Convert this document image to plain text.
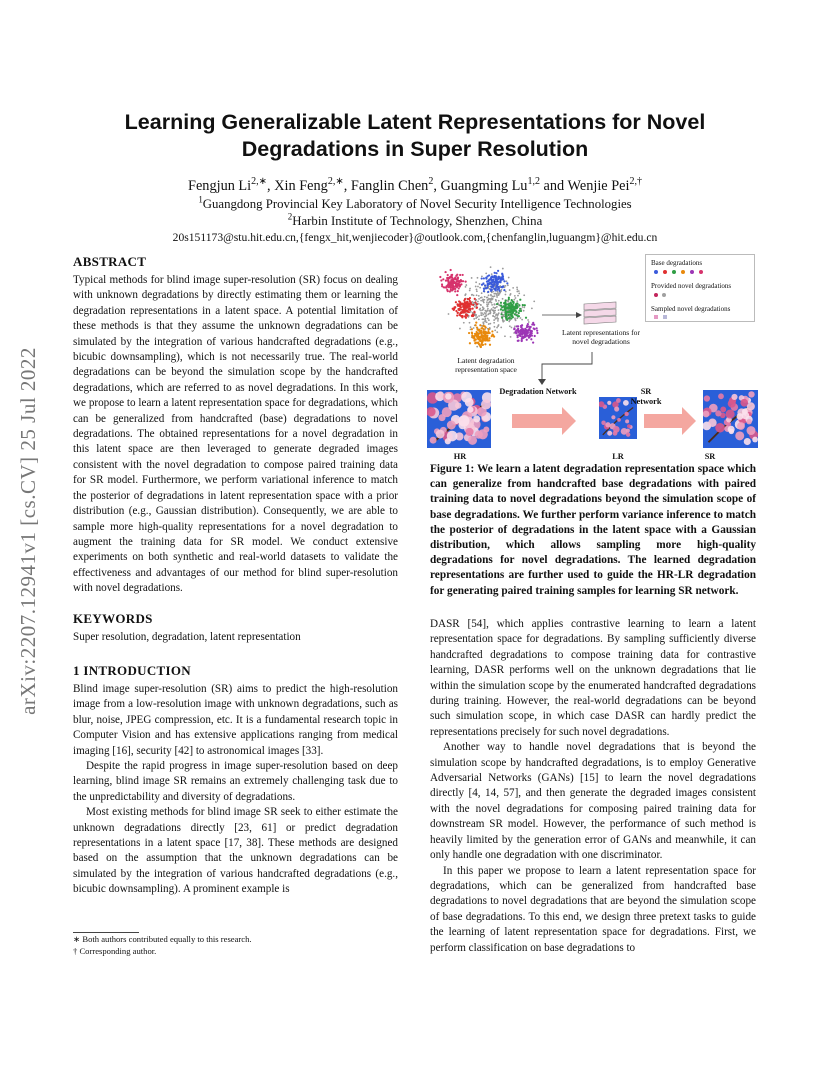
arXiv:2207.12941v1 [cs.CV] 25 Jul 2022
Learning Generalizable Latent Representations for Novel
Degradations in Super Resolution
Fengjun $Li^{2,∗}$, Xin Feng$^{2,∗}$, Fanglin Chen$^2$, Guangming Lu$^{1,2}$ and Wenjie Pei$^{2,\dagger}$
$^1$Guangdong Provincial Key Laboratory of Novel Security Intelligence Technologies
$^2$Harbin Institute of Technology, Shenzhen, China
20s151173@stu.hit.edu.cn,{fengx_hit,wenjiecoder}@outlook.com,{chenfanglin,luguangm}@hit.edu.cn
ABSTRACT
Typical methods for blind image super-resolution (SR) focus on dealing with unknown degradations by directly estimating them or learning the degradation representations in a latent space. A potential limitation of these methods is that they assume the unknown degradations can be simulated by the integration of various handcrafted degradations (e.g., bicubic downsampling), which is not necessarily true. The real-world degradations can be beyond the simulation scope by the handcrafted degradations, which are referred to as novel degradations. In this work, we propose to learn a latent representation space for degradations, which can be generalized from handcrafted (base) degradations to novel degradations. The obtained representations for a novel degradation in this latent space are then leveraged to generate degraded images consistent with the novel degradation to compose paired training data for SR model. Furthermore, we perform variational inference to match the posterior of degradations in latent representation space with a prior distribution (e.g., Gaussian distribution). Consequently, we are able to sample more high-quality representations for a novel degradation to augment the training data for SR model. We conduct extensive experiments on both synthetic and real-world datasets to validate the effectiveness and advantages of our method for blind super-resolution with novel degradations.
KEYWORDS
Super resolution, degradation, latent representation
1 INTRODUCTION

Blind image super-resolution (SR) aims to predict the high-resolution image from a low-resolution image with unknown degradations, such as blur, noise, JPEG compression, etc. It is a fundamental research topic in Computer Vision and has extensive applications ranging from medical imaging [16], security [42] to astronomical images [33].

Despite the rapid progress in image super-resolution based on deep learning, blind image SR remains an extremely challenging task due to the unpredictability and diversity of degradations.

Most existing methods for blind image SR seek to either estimate the unknown degradations directly [23, 61] or predict degradation representations in a latent space [17, 38]. These methods are designed based on the assumption that the unknown degradations can be simulated by the integration of various handcrafted degradations (e.g., bicubic downsampling). A prominent example is

∗ Both authors contributed equally to this research.
† Corresponding author.
Base degradations
Provided novel degradations
Sampled novel degradations
Latent representations for novel degradations
Latent degradation representation space
Degradation Network	SR Network
HR	LR	SR
Figure 1: We learn a latent degradation representation space which can generalize from handcrafted base degradations with paired training data to novel degradations beyond the simulation scope of base degradations. We further perform variance inference to match the posterior of degradations in the latent space with a Gaussian distribution, which allows sampling more high-quality degradations for novel degradations. The learned degradation representations are further used to guide the HR-LR degradation for generating paired training samples for learning SR network.

DASR [54], which applies contrastive learning to learn a latent representation space for degradations. By sampling sufficiently diverse handcrafted degradations to compose training data for contrastive learning, DASR performs well on the unknown degradations that lie within the simulation scope by the enumerated handcrafted degradations during training. However, the real-world degradations can be beyond such simulation scope, in which case DASR can hardly predict the representations precisely for such novel degradations.

Another way to handle novel degradations that is beyond the simulation scope by handcrafted degradations, is to employ Generative Adversarial Networks (GANs) [15] to learn the novel degradations directly [4, 14, 57], and then generate the degraded images consistent with the novel degradations for composing paired training data for downstream SR model. However, the performance of such method is heavily limited by the generation error of GANs and meanwhile, it can only handle one degradation with one discriminator.

In this paper we propose to learn a latent representation space for degradations, which can be generalized from handcrafted base degradations to novel degradations that are beyond the simulation scope of base degradations. To this end, we design three pretext tasks to guide the learning of latent representation space for degradations. First, we perform classification on base degradations to
